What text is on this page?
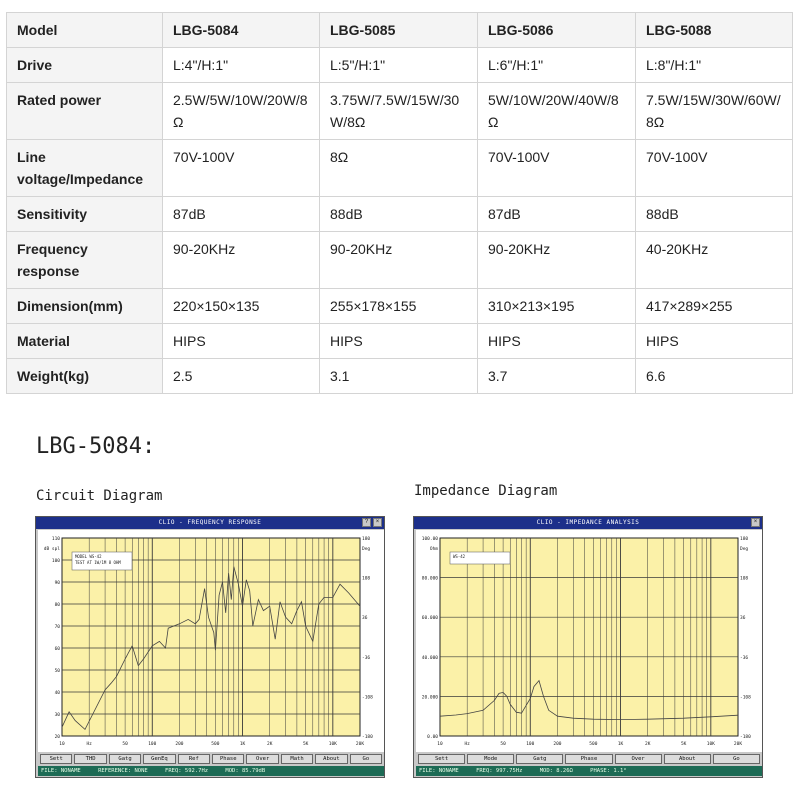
Model	LBG-5084	LBG-5085	LBG-5086	LBG-5088
Drive	L:4"/H:1"	L:5"/H:1"	L:6"/H:1"	L:8"/H:1"
Rated power	2.5W/5W/10W/20W/8Ω	3.75W/7.5W/15W/30W/8Ω	5W/10W/20W/40W/8Ω	7.5W/15W/30W/60W/8Ω
Line voltage/Impedance	70V-100V	8Ω	70V-100V	70V-100V
Sensitivity	87dB	88dB	87dB	88dB
Frequency response	90-20KHz	90-20KHz	90-20KHz	40-20KHz
Dimension(mm)	220×150×135	255×178×155	310×213×195	417×289×255
Material	HIPS	HIPS	HIPS	HIPS
Weight(kg)	2.5	3.1	3.7	6.6
LBG-5084:
Circuit Diagram	Impedance Diagram
CLIO - FREQUENCY RESPONSE	?	×
110
100
90
80
70
60
50
40
30
20
180
108
36
-36
-108
-180
dB spl	Deg
10	Hz	50	100	200	500	1K	2K	5K	10K	20K
MODEL WS-42
TEST AT 1W/1M 8 OHM
Sett	THD	Gatg	GenEq	Ref	Phase	Over	Math	About	Go
FILE: NONAME	REFERENCE: NONE	FREQ: 592.7Hz	MOD: 85.79dB
CLIO - IMPEDANCE ANALYSIS	×
100.00
80.000
60.000
40.000
20.000
0.00
180
108
36
-36
-108
-180
Ohm	Deg
10	Hz	50	100	200	500	1K	2K	5K	10K	20K
WS-42
Sett	Mode	Gatg	Phase	Over	About	Go
FILE: NONAME	FREQ: 997.75Hz	MOD: 8.26Ω	PHASE: 1.1°
